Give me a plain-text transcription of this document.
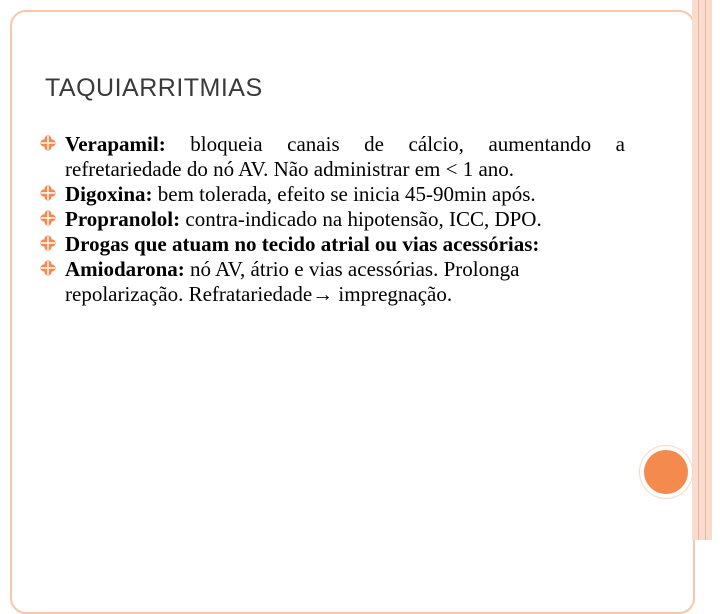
TAQUIARRITMIAS
Verapamil: bloqueia canais de cálcio, aumentando a refretariedade do nó AV. Não administrar em < 1 ano.
Digoxina: bem tolerada, efeito se inicia 45-90min após.
Propranolol: contra-indicado na hipotensão, ICC, DPO.
Drogas que atuam no tecido atrial ou vias acessórias:
Amiodarona: nó AV, átrio e vias acessórias. Prolonga repolarização. Refratariedade→ impregnação.
